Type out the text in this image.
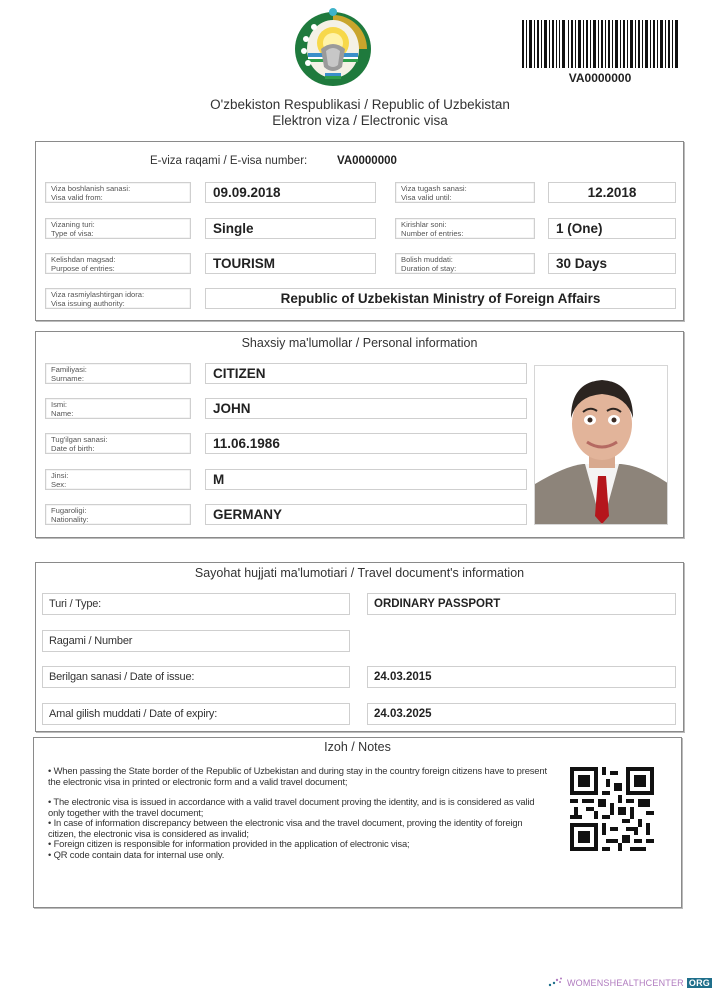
VA0000000
O'zbekiston Respublikasi / Republic of Uzbekistan
Elektron viza / Electronic visa
E-viza raqami / E-visa number:	VA0000000
Viza boshlanish sanasi:
Visa valid from:	09.09.2018	Viza tugash sanasi:
Visa valid until:	12.2018
Vizaning turi:
Type of visa:	Single	Kirishlar soni:
Number of entries:	1 (One)
Kelishdan magsad:
Purpose of entries:	TOURISM	Bolish muddati:
Duration of stay:	30 Days
Viza rasmiylashtirgan idora:
Visa issuing authority:	Republic of Uzbekistan Ministry of Foreign Affairs
Shaxsiy ma'lumollar / Personal information
Familiyasi:
Surname:	CITIZEN
Ismi:
Name:	JOHN
Tug'ilgan sanasi:
Date of birth:	11.06.1986
Jinsi:
Sex:	M
Fugaroligi:
Nationality:	GERMANY
Sayohat hujjati ma'lumotiari / Travel document's information
Turi / Type:	ORDINARY PASSPORT
Ragami / Number
Berilgan sanasi / Date of issue:	24.03.2015
Amal gilish muddati / Date of expiry:	24.03.2025
Izoh / Notes

• When passing the State border of the Republic of Uzbekistan and during stay in the country foreign citizens have to present the electronic visa in printed or electronic form and a valid travel document;

• The electronic visa is issued in accordance with a valid travel document proving the identity, and is is considered as valid only together with the travel document;

• In case of information discrepancy between the electronic visa and the travel document, proving the identity of foreign citizen, the electronic visa is considered as invalid;

• Foreign citizen is responsible for information provided in the application of electronic visa;

• QR code contain data for internal use only.

WOMENSHEALTHCENTER ORG
